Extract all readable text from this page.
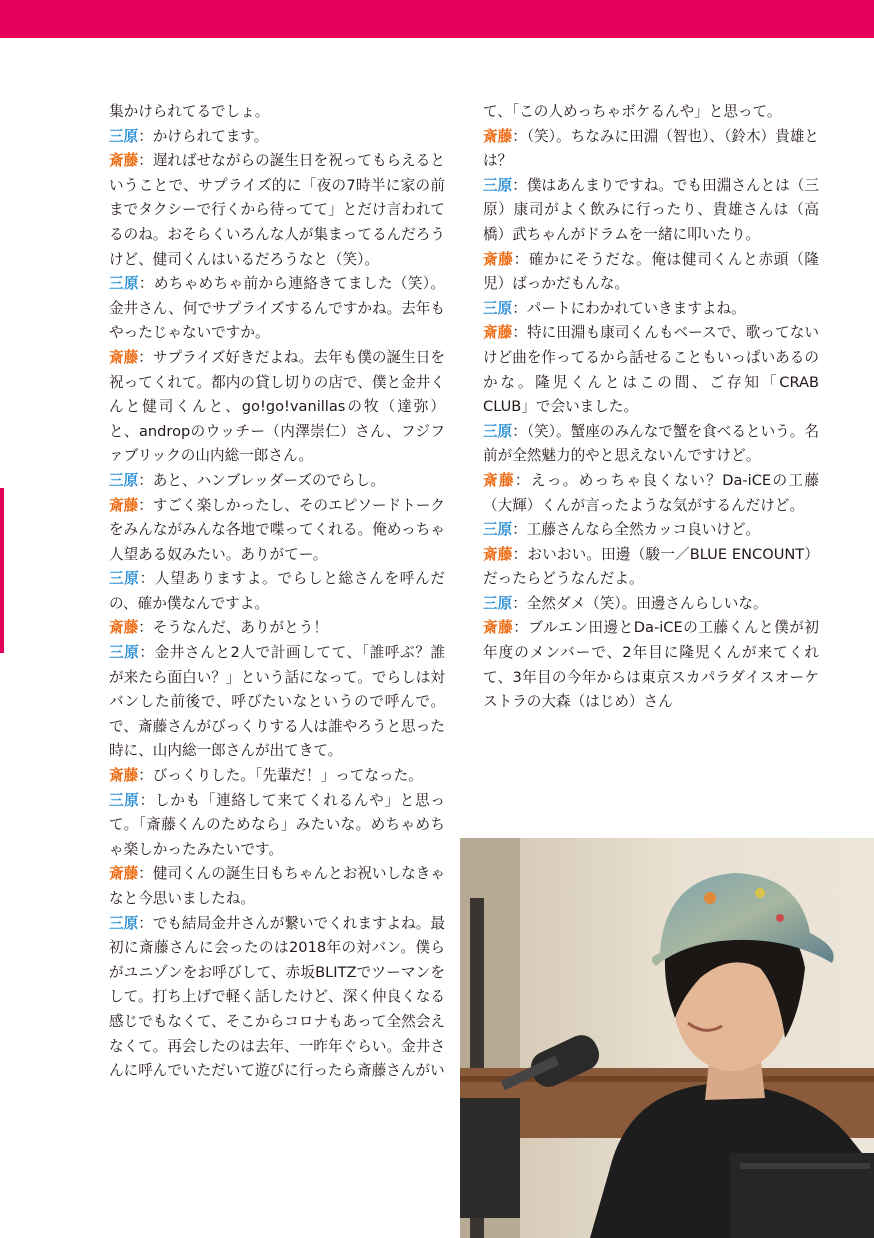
集かけられてるでしょ。

三原：かけられてます。

斎藤：遅ればせながらの誕生日を祝ってもらえるということで、サプライズ的に「夜の7時半に家の前までタクシーで行くから待ってて」とだけ言われてるのね。おそらくいろんな人が集まってるんだろうけど、健司くんはいるだろうなと（笑）。

三原：めちゃめちゃ前から連絡きてました（笑）。金井さん、何でサプライズするんですかね。去年もやったじゃないですか。

斎藤：サプライズ好きだよね。去年も僕の誕生日を祝ってくれて。都内の貸し切りの店で、僕と金井くんと健司くんと、go!go!vanillasの牧（達弥）と、andropのウッチー（内澤崇仁）さん、フジファブリックの山内総一郎さん。

三原：あと、ハンブレッダーズのでらし。

斎藤：すごく楽しかったし、そのエピソードトークをみんながみんな各地で喋ってくれる。俺めっちゃ人望ある奴みたい。ありがてー。

三原：人望ありますよ。でらしと総さんを呼んだの、確か僕なんですよ。

斎藤：そうなんだ、ありがとう！

三原：金井さんと2人で計画してて、「誰呼ぶ？誰が来たら面白い？」という話になって。でらしは対バンした前後で、呼びたいなというので呼んで。で、斎藤さんがびっくりする人は誰やろうと思った時に、山内総一郎さんが出てきて。

斎藤：びっくりした。「先輩だ！」ってなった。

三原：しかも「連絡して来てくれるんや」と思って。「斎藤くんのためなら」みたいな。めちゃめちゃ楽しかったみたいです。

斎藤：健司くんの誕生日もちゃんとお祝いしなきゃなと今思いましたね。

三原：でも結局金井さんが繋いでくれますよね。最初に斎藤さんに会ったのは2018年の対バン。僕らがユニゾンをお呼びして、赤坂BLITZでツーマンをして。打ち上げで軽く話したけど、深く仲良くなる感じでもなくて、そこからコロナもあって全然会えなくて。再会したのは去年、一昨年ぐらい。金井さんに呼んでいただいて遊びに行ったら斎藤さんがい

て、「この人めっちゃボケるんや」と思って。

斎藤：（笑）。ちなみに田淵（智也）、（鈴木）貴雄とは？

三原：僕はあんまりですね。でも田淵さんとは（三原）康司がよく飲みに行ったり、貴雄さんは（高橋）武ちゃんがドラムを一緒に叩いたり。

斎藤：確かにそうだな。俺は健司くんと赤頭（隆児）ばっかだもんな。

三原：パートにわかれていきますよね。

斎藤：特に田淵も康司くんもベースで、歌ってないけど曲を作ってるから話せることもいっぱいあるのかな。隆児くんとはこの間、ご存知「CRAB CLUB」で会いました。

三原：（笑）。蟹座のみんなで蟹を食べるという。名前が全然魅力的やと思えないんですけど。

斎藤：えっ。めっちゃ良くない？Da-iCEの工藤（大輝）くんが言ったような気がするんだけど。

三原：工藤さんなら全然カッコ良いけど。

斎藤：おいおい。田邊（駿一／BLUE ENCOUNT）だったらどうなんだよ。

三原：全然ダメ（笑）。田邊さんらしいな。

斎藤：ブルエン田邊とDa-iCEの工藤くんと僕が初年度のメンバーで、2年目に隆児くんが来てくれて、3年目の今年からは東京スカパラダイスオーケストラの大森（はじめ）さん
